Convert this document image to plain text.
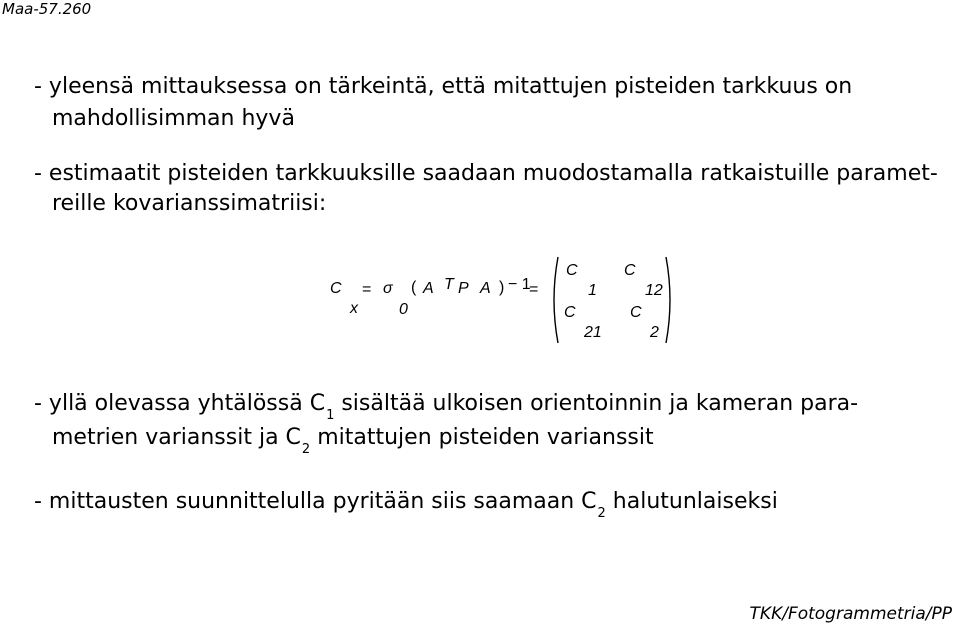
Maa-57.260
- yleensä mittauksessa on tärkeintä, että mitattujen pisteiden tarkkuus on
mahdollisimman hyvä
- estimaatit pisteiden tarkkuuksille saadaan muodostamalla ratkaistuille paramet-
reille kovarianssimatriisi:
C
x
= σ
0
( A T P A ) − 1
=
C
1
C
12
C
21
C
2
- yllä olevassa yhtälössä $C_1$ sisältää ulkoisen orientoinnin ja kameran para-
metrien varianssit ja $C_2$ mitattujen pisteiden varianssit
- mittausten suunnittelulla pyritään siis saamaan $C_2$ halutunlaiseksi
TKK/Fotogrammetria/PP
